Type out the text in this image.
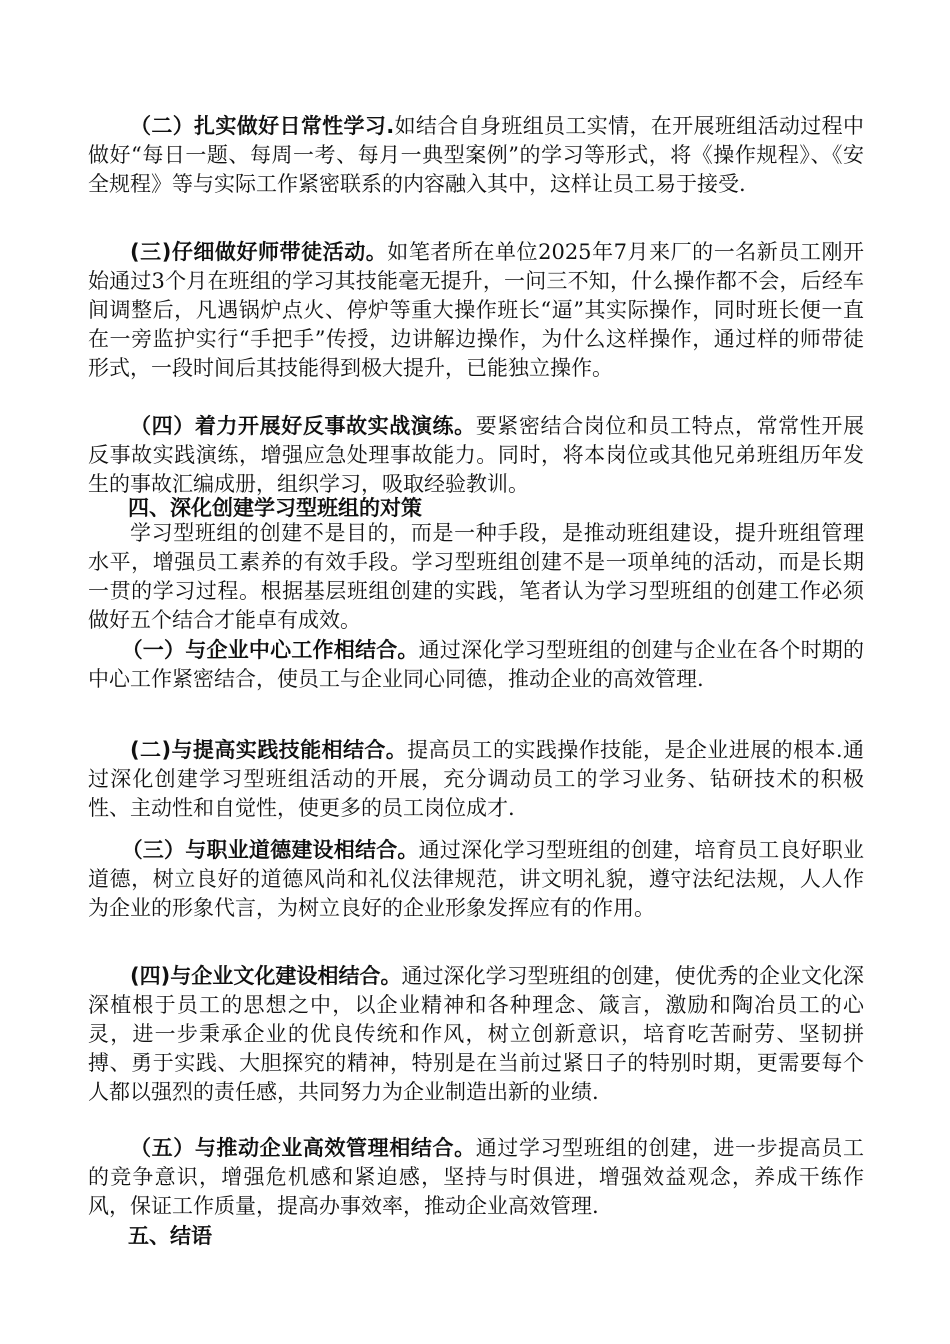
（二）扎实做好日常性学习.如结合自身班组员工实情，在开展班组活动过程中做好“每日一题、每周一考、每月一典型案例”的学习等形式，将《操作规程》、《安全规程》等与实际工作紧密联系的内容融入其中，这样让员工易于接受.

(三)仔细做好师带徒活动。如笔者所在单位2025年7月来厂的一名新员工刚开始通过3个月在班组的学习其技能毫无提升，一问三不知，什么操作都不会，后经车间调整后，凡遇锅炉点火、停炉等重大操作班长“逼”其实际操作，同时班长便一直在一旁监护实行“手把手”传授，边讲解边操作，为什么这样操作，通过样的师带徒形式，一段时间后其技能得到极大提升，已能独立操作。

（四）着力开展好反事故实战演练。要紧密结合岗位和员工特点，常常性开展反事故实践演练，增强应急处理事故能力。同时，将本岗位或其他兄弟班组历年发生的事故汇编成册，组织学习，吸取经验教训。

四、深化创建学习型班组的对策

学习型班组的创建不是目的，而是一种手段，是推动班组建设，提升班组管理水平，增强员工素养的有效手段。学习型班组创建不是一项单纯的活动，而是长期一贯的学习过程。根据基层班组创建的实践，笔者认为学习型班组的创建工作必须做好五个结合才能卓有成效。

（一）与企业中心工作相结合。通过深化学习型班组的创建与企业在各个时期的中心工作紧密结合，使员工与企业同心同德，推动企业的高效管理.

(二)与提高实践技能相结合。提高员工的实践操作技能，是企业进展的根本.通过深化创建学习型班组活动的开展，充分调动员工的学习业务、钻研技术的积极性、主动性和自觉性，使更多的员工岗位成才.

（三）与职业道德建设相结合。通过深化学习型班组的创建，培育员工良好职业道德，树立良好的道德风尚和礼仪法律规范，讲文明礼貌，遵守法纪法规，人人作为企业的形象代言，为树立良好的企业形象发挥应有的作用。

(四)与企业文化建设相结合。通过深化学习型班组的创建，使优秀的企业文化深深植根于员工的思想之中，以企业精神和各种理念、箴言，激励和陶冶员工的心灵，进一步秉承企业的优良传统和作风，树立创新意识，培育吃苦耐劳、坚韧拼搏、勇于实践、大胆探究的精神，特别是在当前过紧日子的特别时期，更需要每个人都以强烈的责任感，共同努力为企业制造出新的业绩.

（五）与推动企业高效管理相结合。通过学习型班组的创建，进一步提高员工的竞争意识，增强危机感和紧迫感，坚持与时俱进，增强效益观念，养成干练作风，保证工作质量，提高办事效率，推动企业高效管理.

五、结语
